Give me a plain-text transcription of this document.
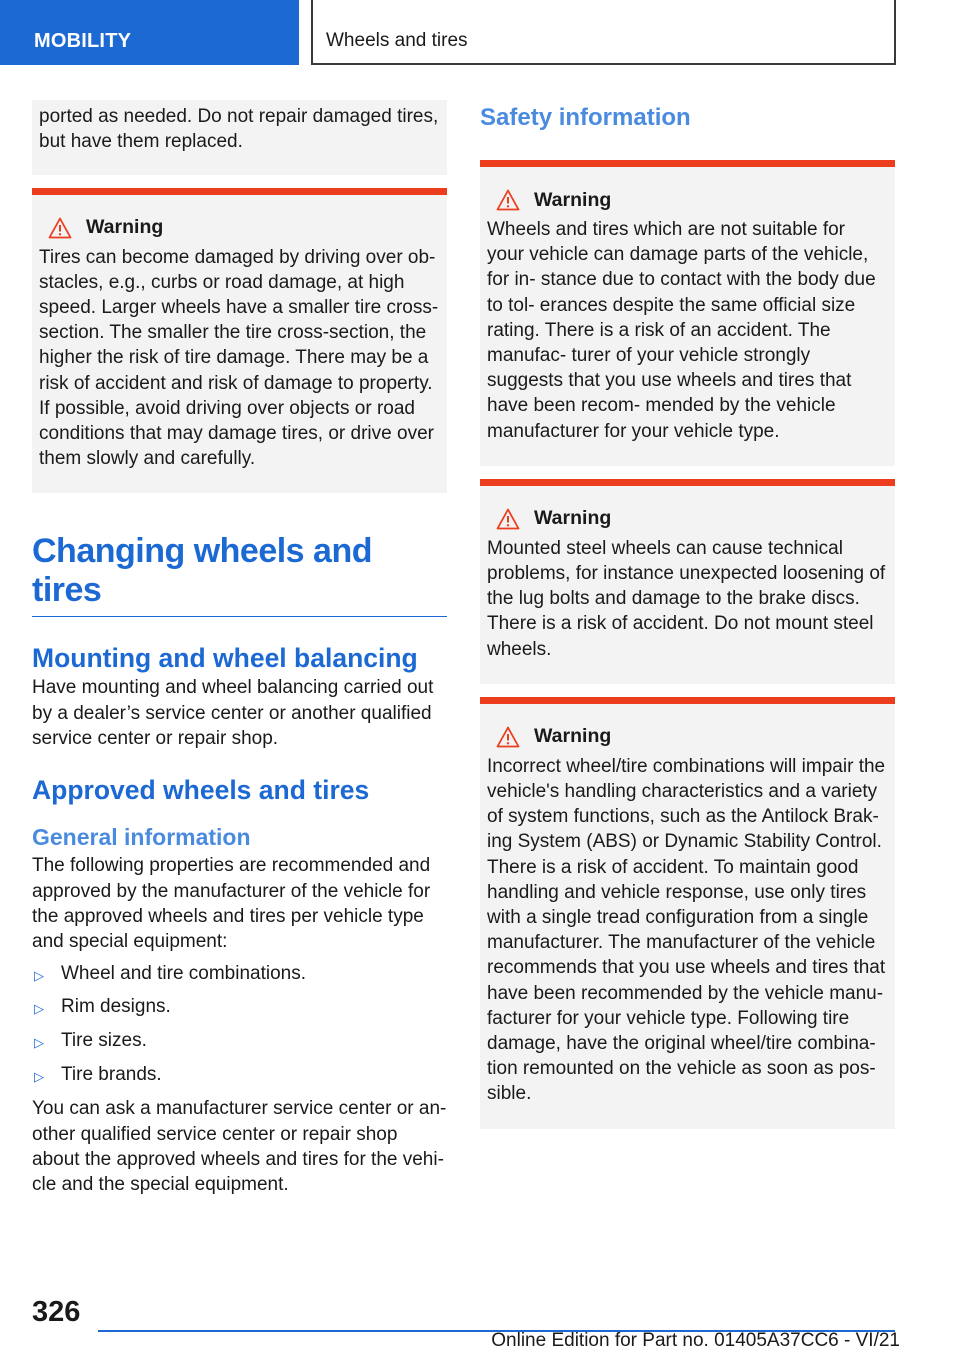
MOBILITY	Wheels and tires

ported as needed. Do not repair damaged tires, but have them replaced.

Warning

Tires can become damaged by driving over ob‐ stacles, e.g., curbs or road damage, at high speed. Larger wheels have a smaller tire cross‐ section. The smaller the tire cross-section, the higher the risk of tire damage. There may be a risk of accident and risk of damage to property. If possible, avoid driving over objects or road conditions that may damage tires, or drive over them slowly and carefully.

Changing wheels and tires
Mounting and wheel balancing

Have mounting and wheel balancing carried out by a dealer’s service center or another qualified service center or repair shop.

Approved wheels and tires
General information

The following properties are recommended and approved by the manufacturer of the vehicle for the approved wheels and tires per vehicle type and special equipment:

▷ Wheel and tire combinations.
▷ Rim designs.
▷ Tire sizes.
▷ Tire brands.

You can ask a manufacturer service center or an‐ other qualified service center or repair shop about the approved wheels and tires for the vehi‐ cle and the special equipment.

Safety information
Warning

Wheels and tires which are not suitable for your vehicle can damage parts of the vehicle, for in‐ stance due to contact with the body due to tol‐ erances despite the same official size rating. There is a risk of an accident. The manufac‐ turer of your vehicle strongly suggests that you use wheels and tires that have been recom‐ mended by the vehicle manufacturer for your vehicle type.

Warning

Mounted steel wheels can cause technical problems, for instance unexpected loosening of the lug bolts and damage to the brake discs. There is a risk of accident. Do not mount steel wheels.

Warning

Incorrect wheel/tire combinations will impair the vehicle's handling characteristics and a variety of system functions, such as the Antilock Brak‐ ing System (ABS) or Dynamic Stability Control. There is a risk of accident. To maintain good handling and vehicle response, use only tires with a single tread configuration from a single manufacturer. The manufacturer of the vehicle recommends that you use wheels and tires that have been recommended by the vehicle manu‐ facturer for your vehicle type. Following tire damage, have the original wheel/tire combina‐ tion remounted on the vehicle as soon as pos‐ sible.

326
Online Edition for Part no. 01405A37CC6 - VI/21
